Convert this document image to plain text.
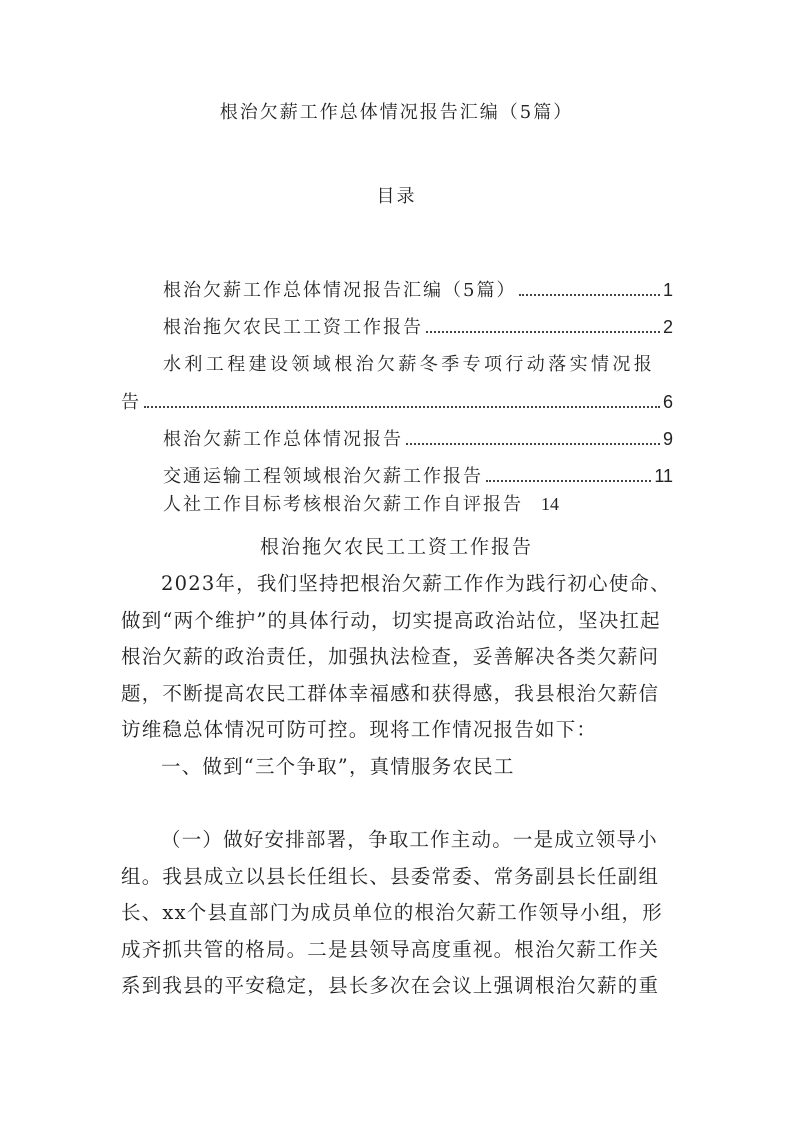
根治欠薪工作总体情况报告汇编（5篇）
目录
根治欠薪工作总体情况报告汇编（5篇）	1
根治拖欠农民工工资工作报告	2
水利工程建设领域根治欠薪冬季专项行动落实情况报
告	6
根治欠薪工作总体情况报告	9
交通运输工程领域根治欠薪工作报告	11
人社工作目标考核根治欠薪工作自评报告 14
根治拖欠农民工工资工作报告
2023年，我们坚持把根治欠薪工作作为践行初心使命、
做到“两个维护”的具体行动，切实提高政治站位，坚决扛起
根治欠薪的政治责任，加强执法检查，妥善解决各类欠薪问
题，不断提高农民工群体幸福感和获得感，我县根治欠薪信
访维稳总体情况可防可控。现将工作情况报告如下：
一、做到“三个争取”，真情服务农民工
（一）做好安排部署，争取工作主动。一是成立领导小
组。我县成立以县长任组长、县委常委、常务副县长任副组
长、xx个县直部门为成员单位的根治欠薪工作领导小组，形
成齐抓共管的格局。二是县领导高度重视。根治欠薪工作关
系到我县的平安稳定，县长多次在会议上强调根治欠薪的重
